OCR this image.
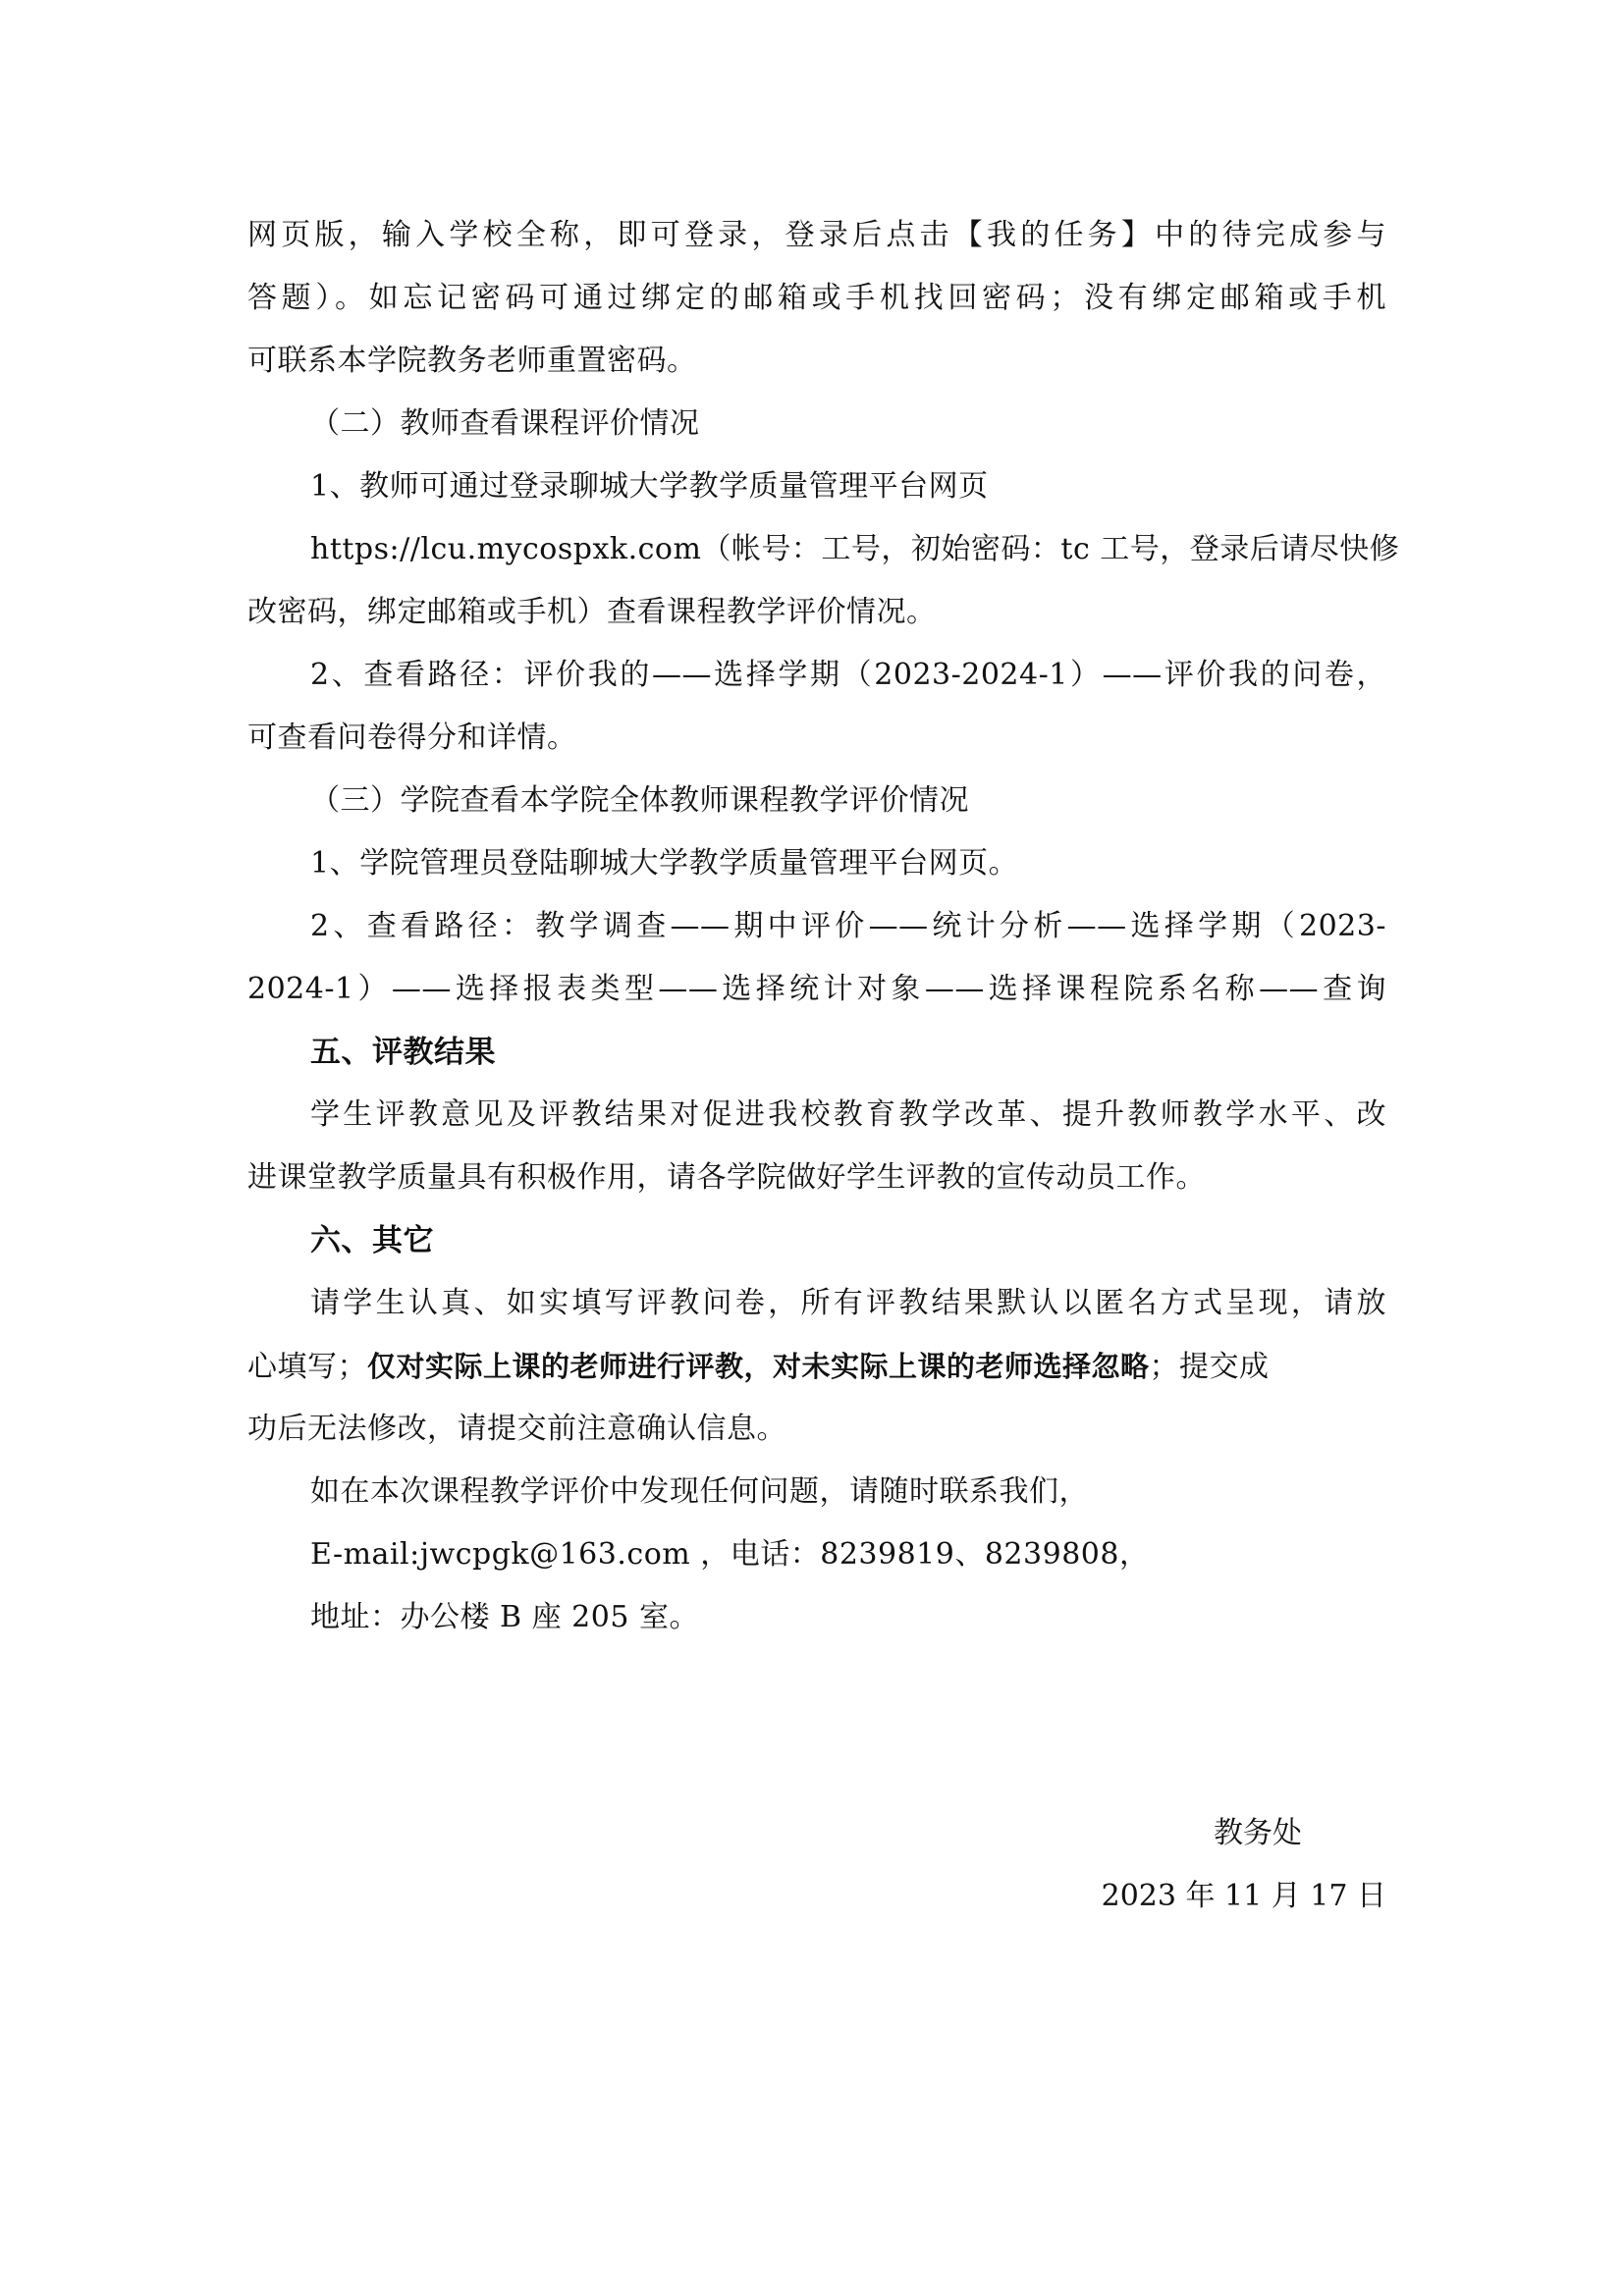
网页版，输入学校全称，即可登录，登录后点击【我的任务】中的待完成参与
答题）。如忘记密码可通过绑定的邮箱或手机找回密码；没有绑定邮箱或手机
可联系本学院教务老师重置密码。
（二）教师查看课程评价情况
1、教师可通过登录聊城大学教学质量管理平台网页
https://lcu.mycospxk.com（帐号：工号，初始密码：tc 工号，登录后请尽快修
改密码，绑定邮箱或手机）查看课程教学评价情况。
2、查看路径：评价我的——选择学期（2023-2024-1）——评价我的问卷，
可查看问卷得分和详情。
（三）学院查看本学院全体教师课程教学评价情况
1、学院管理员登陆聊城大学教学质量管理平台网页。
2、查看路径：教学调查——期中评价——统计分析——选择学期（2023-
2024-1）——选择报表类型——选择统计对象——选择课程院系名称——查询
五、评教结果
学生评教意见及评教结果对促进我校教育教学改革、提升教师教学水平、改
进课堂教学质量具有积极作用，请各学院做好学生评教的宣传动员工作。
六、其它
请学生认真、如实填写评教问卷，所有评教结果默认以匿名方式呈现，请放
心填写；仅对实际上课的老师进行评教，对未实际上课的老师选择忽略；提交成
功后无法修改，请提交前注意确认信息。
如在本次课程教学评价中发现任何问题，请随时联系我们，
E-mail:jwcpgk@163.com ，电话：8239819、8239808，
地址：办公楼 B 座 205 室。
教务处
2023 年 11 月 17 日
